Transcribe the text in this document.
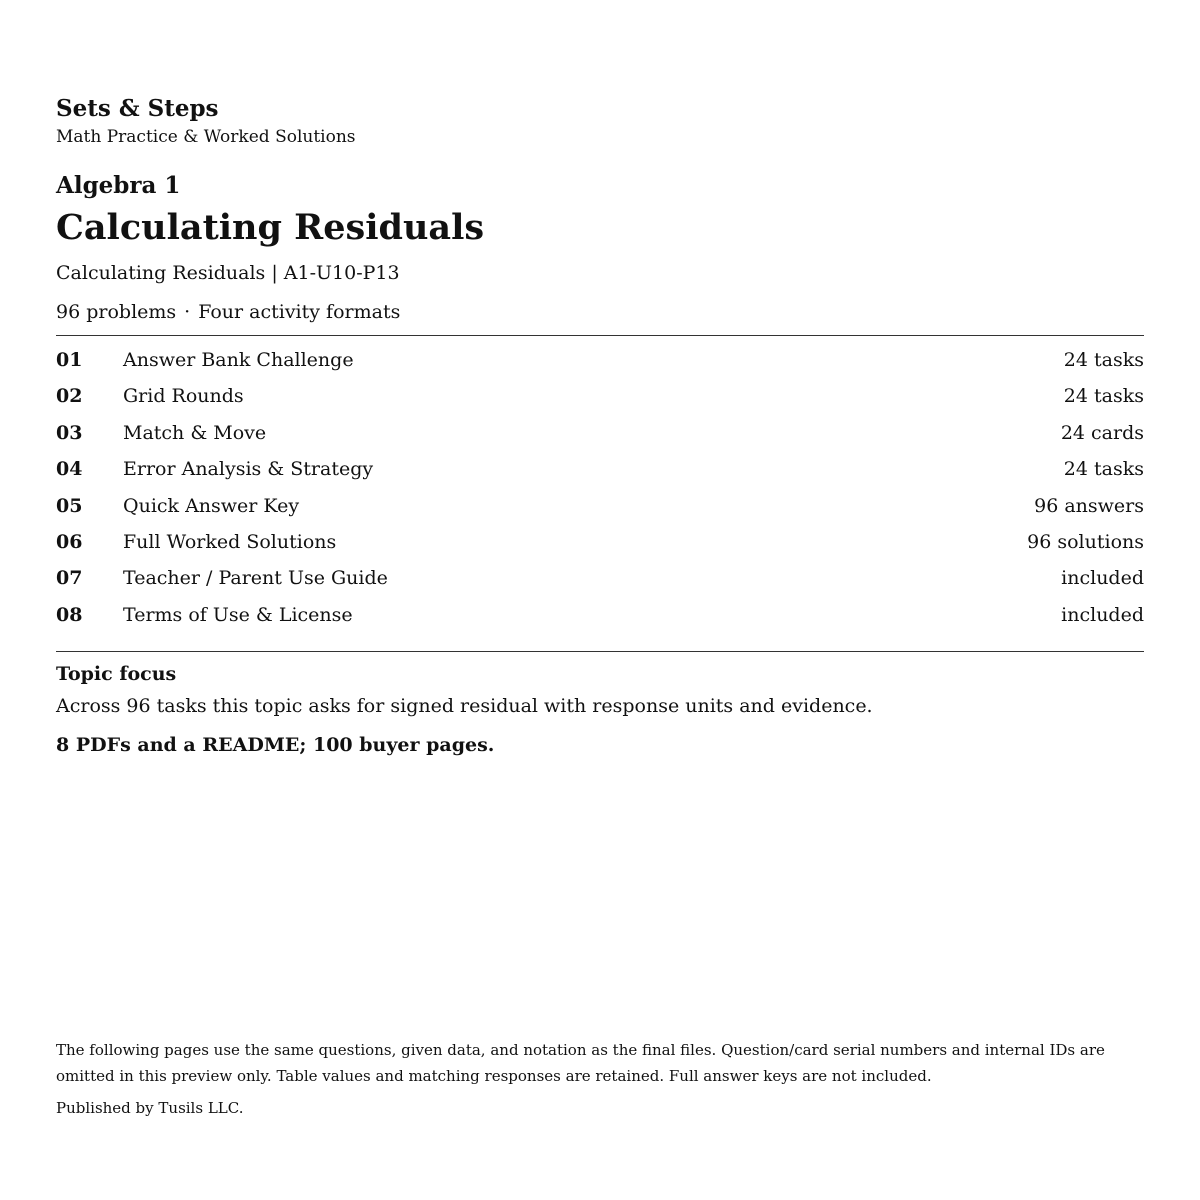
Sets & Steps
Math Practice & Worked Solutions
Algebra 1
Calculating Residuals
Calculating Residuals | A1-U10-P13
96 problems · Four activity formats
01 Answer Bank Challenge	24 tasks
02 Grid Rounds	24 tasks
03 Match & Move	24 cards
04 Error Analysis & Strategy	24 tasks
05 Quick Answer Key	96 answers
06 Full Worked Solutions	96 solutions
07 Teacher / Parent Use Guide	included
08 Terms of Use & License	included
Topic focus
Across 96 tasks this topic asks for signed residual with response units and evidence.
8 PDFs and a README; 100 buyer pages.

The following pages use the same questions, given data, and notation as the final files. Question/card serial numbers and internal IDs are omitted in this preview only. Table values and matching responses are retained. Full answer keys are not included.

Published by Tusils LLC.
